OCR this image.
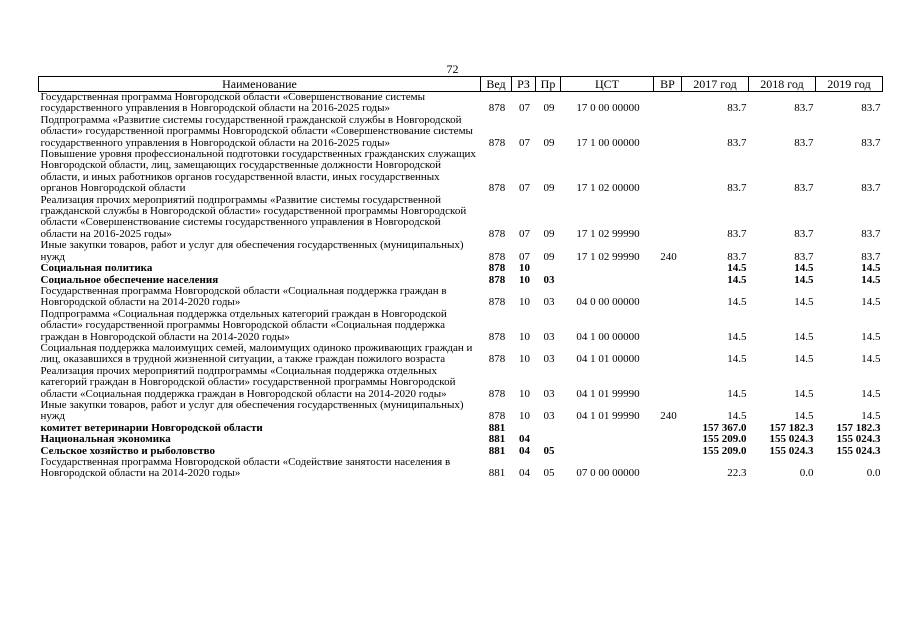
72
Наименование	Вед	РЗ	Пр	ЦСТ	ВР	2017 год	2018 год	2019 год
Государственная программа Новгородской области «Совершенствование системы государственного управления в Новгородской области на 2016-2025 годы»	878	07	09	17 0 00 00000		83.7	83.7	83.7
Подпрограмма «Развитие системы государственной гражданской службы в Новгородской области» государственной программы Новгородской области «Совершенствование системы государственного управления в Новгородской области на 2016-2025 годы»	878	07	09	17 1 00 00000		83.7	83.7	83.7
Повышение уровня профессиональной подготовки государственных гражданских служащих Новгородской области, лиц, замещающих государственные должности Новгородской области, и иных работников органов государственной власти, иных государственных органов Новгородской области	878	07	09	17 1 02 00000		83.7	83.7	83.7
Реализация прочих мероприятий подпрограммы «Развитие системы государственной гражданской службы в Новгородской области» государственной программы Новгородской области «Совершенствование системы государственного управления в Новгородской области на 2016-2025 годы»	878	07	09	17 1 02 99990		83.7	83.7	83.7
Иные закупки товаров, работ и услуг для обеспечения государственных (муниципальных) нужд	878	07	09	17 1 02 99990	240	83.7	83.7	83.7
Социальная политика	878	10				14.5	14.5	14.5
Социальное обеспечение населения	878	10	03			14.5	14.5	14.5
Государственная программа Новгородской области «Социальная поддержка граждан в Новгородской области на 2014-2020 годы»	878	10	03	04 0 00 00000		14.5	14.5	14.5
Подпрограмма «Социальная поддержка отдельных категорий граждан в Новгородской области» государственной программы Новгородской области «Социальная поддержка граждан в Новгородской области на 2014-2020 годы»	878	10	03	04 1 00 00000		14.5	14.5	14.5
Социальная поддержка малоимущих семей, малоимущих одиноко проживающих граждан и лиц, оказавшихся в трудной жизненной ситуации, а также граждан пожилого возраста	878	10	03	04 1 01 00000		14.5	14.5	14.5
Реализация прочих мероприятий подпрограммы «Социальная поддержка отдельных категорий граждан в Новгородской области» государственной программы Новгородской области «Социальная поддержка граждан в Новгородской области на 2014-2020 годы»	878	10	03	04 1 01 99990		14.5	14.5	14.5
Иные закупки товаров, работ и услуг для обеспечения государственных (муниципальных) нужд	878	10	03	04 1 01 99990	240	14.5	14.5	14.5
комитет ветеринарии Новгородской области	881					157 367.0	157 182.3	157 182.3
Национальная экономика	881	04				155 209.0	155 024.3	155 024.3
Сельское хозяйство и рыболовство	881	04	05			155 209.0	155 024.3	155 024.3
Государственная программа Новгородской области «Содействие занятости населения в Новгородской области на 2014-2020 годы»	881	04	05	07 0 00 00000		22.3	0.0	0.0
